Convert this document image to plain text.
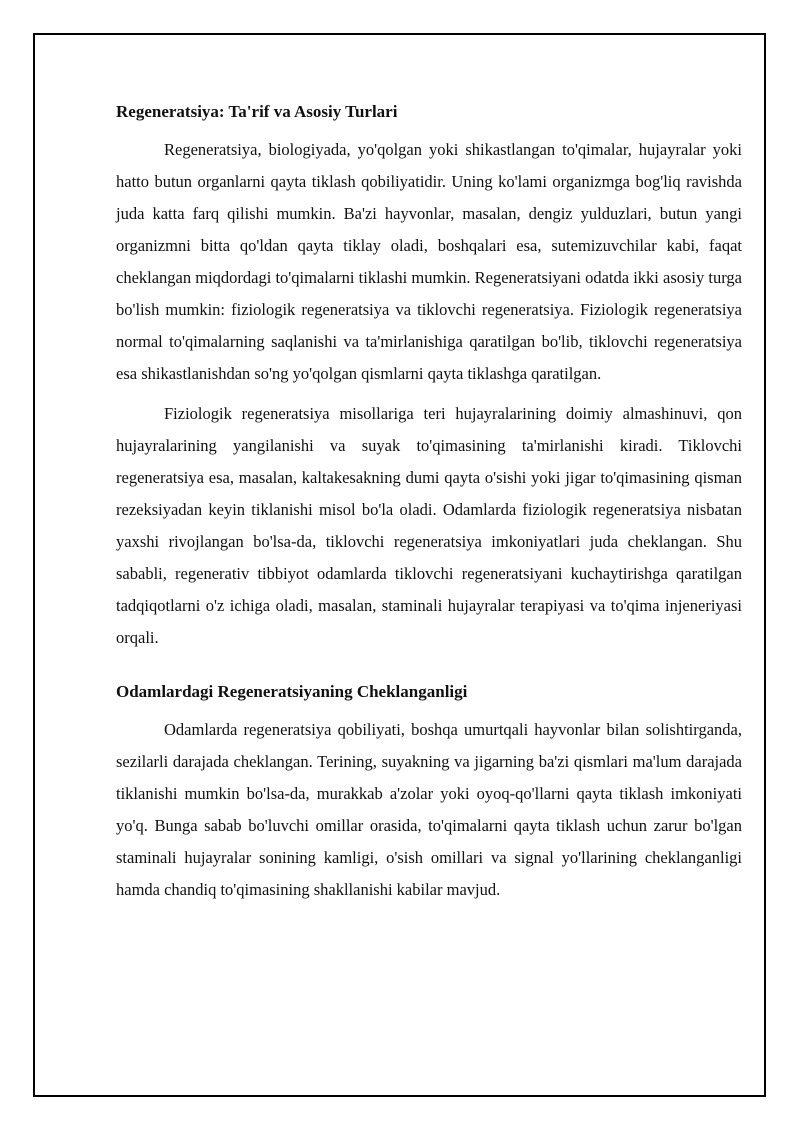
Regeneratsiya: Ta'rif va Asosiy Turlari

Regeneratsiya, biologiyada, yo'qolgan yoki shikastlangan to'qimalar, hujayralar yoki hatto butun organlarni qayta tiklash qobiliyatidir. Uning ko'lami organizmga bog'liq ravishda juda katta farq qilishi mumkin. Ba'zi hayvonlar, masalan, dengiz yulduzlari, butun yangi organizmni bitta qo'ldan qayta tiklay oladi, boshqalari esa, sutemizuvchilar kabi, faqat cheklangan miqdordagi to'qimalarni tiklashi mumkin. Regeneratsiyani odatda ikki asosiy turga bo'lish mumkin: fiziologik regeneratsiya va tiklovchi regeneratsiya. Fiziologik regeneratsiya normal to'qimalarning saqlanishi va ta'mirlanishiga qaratilgan bo'lib, tiklovchi regeneratsiya esa shikastlanishdan so'ng yo'qolgan qismlarni qayta tiklashga qaratilgan.

Fiziologik regeneratsiya misollariga teri hujayralarining doimiy almashinuvi, qon hujayralarining yangilanishi va suyak to'qimasining ta'mirlanishi kiradi. Tiklovchi regeneratsiya esa, masalan, kaltakesakning dumi qayta o'sishi yoki jigar to'qimasining qisman rezeksiyadan keyin tiklanishi misol bo'la oladi. Odamlarda fiziologik regeneratsiya nisbatan yaxshi rivojlangan bo'lsa-da, tiklovchi regeneratsiya imkoniyatlari juda cheklangan. Shu sababli, regenerativ tibbiyot odamlarda tiklovchi regeneratsiyani kuchaytirishga qaratilgan tadqiqotlarni o'z ichiga oladi, masalan, staminali hujayralar terapiyasi va to'qima injeneriyasi orqali.

Odamlardagi Regeneratsiyaning Cheklanganligi

Odamlarda regeneratsiya qobiliyati, boshqa umurtqali hayvonlar bilan solishtirganda, sezilarli darajada cheklangan. Terining, suyakning va jigarning ba'zi qismlari ma'lum darajada tiklanishi mumkin bo'lsa-da, murakkab a'zolar yoki oyoq-qo'llarni qayta tiklash imkoniyati yo'q. Bunga sabab bo'luvchi omillar orasida, to'qimalarni qayta tiklash uchun zarur bo'lgan staminali hujayralar sonining kamligi, o'sish omillari va signal yo'llarining cheklanganligi hamda chandiq to'qimasining shakllanishi kabilar mavjud.
